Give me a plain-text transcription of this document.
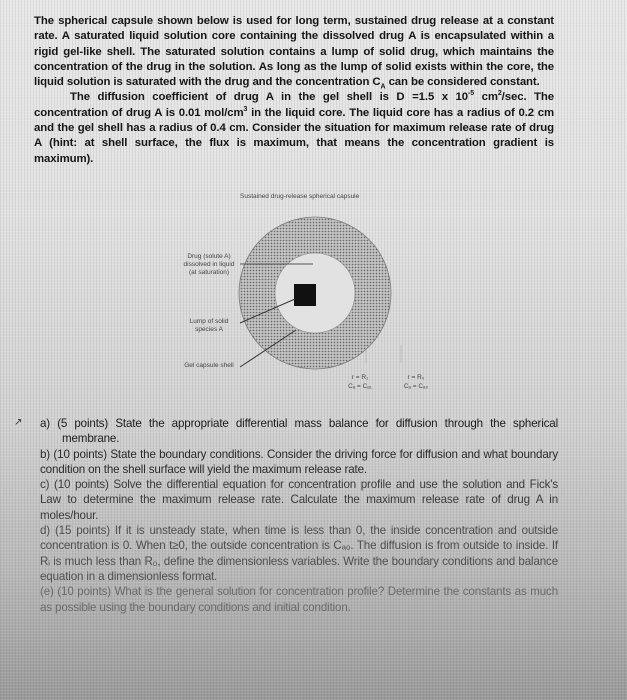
The spherical capsule shown below is used for long term, sustained drug release at a constant rate. A saturated liquid solution core containing the dissolved drug A is encapsulated within a rigid gel-like shell. The saturated solution contains a lump of solid drug, which maintains the concentration of the drug in the solution. As long as the lump of solid exists within the core, the liquid solution is saturated with the drug and the concentration $C_A$ can be considered constant.

The diffusion coefficient of drug A in the gel shell is D =1.5 x $10^{-5}$ $cm^2/\sec$. The concentration of drug A is 0.01 mol/$cm^3$ in the liquid core. The liquid core has a radius of 0.2 cm and the gel shell has a radius of 0.4 cm. Consider the situation for maximum release rate of drug A (hint: at shell surface, the flux is maximum, that means the concentration gradient is maximum).

Sustained drug-release spherical capsule
Drug (solute A) dissolved in liquid (at saturation)
Lump of solid species A
Gel capsule shell
r = R₁
Cₐ = Cₐ₁
r = R₀
Cₐ = Cₐ₀
↗ a) (5 points) State the appropriate differential mass balance for diffusion through the spherical membrane.

b) (10 points) State the boundary conditions. Consider the driving force for diffusion and what boundary condition on the shell surface will yield the maximum release rate.

c) (10 points) Solve the differential equation for concentration profile and use the solution and Fick's Law to determine the maximum release rate. Calculate the maximum release rate of drug A in moles/hour.

d) (15 points) If it is unsteady state, when time is less than 0, the inside concentration and outside concentration is 0. When t≥0, the outside concentration is Cₐ₀. The diffusion is from outside to inside. If Rᵢ is much less than R₀, define the dimensionless variables. Write the boundary conditions and balance equation in a dimensionless format.

(e) (10 points) What is the general solution for concentration profile? Determine the constants as much as possible using the boundary conditions and initial condition.
